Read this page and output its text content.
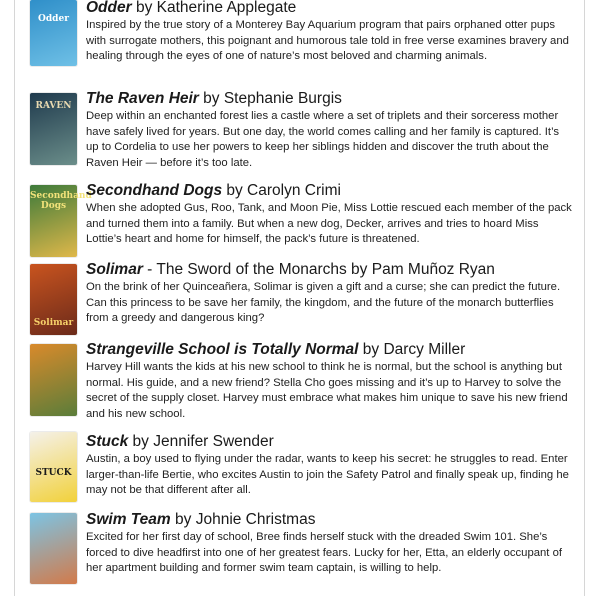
Odder

Odder by Katherine Applegate

Inspired by the true story of a Monterey Bay Aquarium program that pairs orphaned otter pups with surrogate mothers, this poignant and humorous tale told in free verse examines bravery and healing through the eyes of one of nature’s most beloved and charming animals.

RAVEN The Raven Heir by Stephanie Burgis

Deep within an enchanted forest lies a castle where a set of triplets and their sorceress mother have safely lived for years. But one day, the world comes calling and her family is captured. It’s up to Cordelia to use her powers to keep her siblings hidden and discover the truth about the Raven Heir — before it’s too late.

Secondhand Dogs

Secondhand Dogs by Carolyn Crimi

When she adopted Gus, Roo, Tank, and Moon Pie, Miss Lottie rescued each member of the pack and turned them into a family. But when a new dog, Decker, arrives and tries to hoard Miss Lottie’s heart and home for himself, the pack’s future is threatened.

Solimar

Solimar - The Sword of the Monarchs by Pam Muñoz Ryan

On the brink of her Quinceañera, Solimar is given a gift and a curse; she can predict the future. Can this princess to be save her family, the kingdom, and the future of the monarch butterflies from a greedy and dangerous king?

Strangeville School is Totally Normal by Darcy Miller

Harvey Hill wants the kids at his new school to think he is normal, but the school is anything but normal. His guide, and a new friend? Stella Cho goes missing and it’s up to Harvey to solve the secret of the supply closet. Harvey must embrace what makes him unique to save his new friend and his new school.

STUCK

Stuck by Jennifer Swender

Austin, a boy used to flying under the radar, wants to keep his secret: he struggles to read. Enter larger-than-life Bertie, who excites Austin to join the Safety Patrol and finally speak up, finding he may not be that different after all.

Swim Team by Johnie Christmas

Excited for her first day of school, Bree finds herself stuck with the dreaded Swim 101. She’s forced to dive headfirst into one of her greatest fears. Lucky for her, Etta, an elderly occupant of her apartment building and former swim team captain, is willing to help.
